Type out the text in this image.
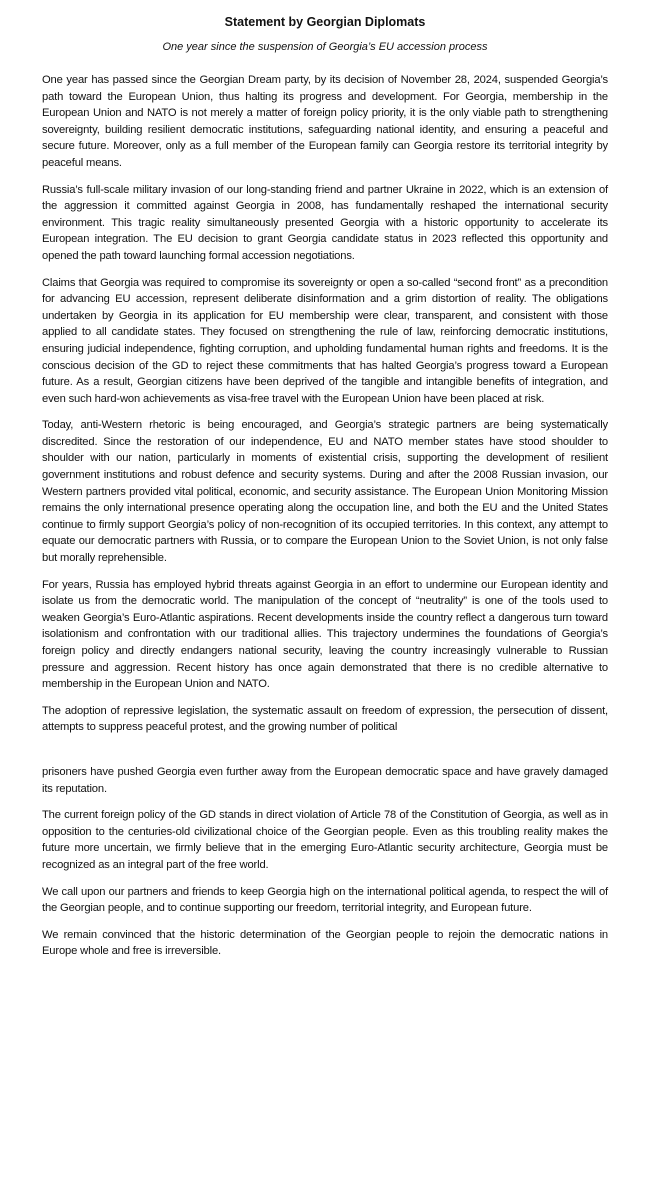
Statement by Georgian Diplomats

One year since the suspension of Georgia’s EU accession process

One year has passed since the Georgian Dream party, by its decision of November 28, 2024, suspended Georgia’s path toward the European Union, thus halting its progress and development. For Georgia, membership in the European Union and NATO is not merely a matter of foreign policy priority, it is the only viable path to strengthening sovereignty, building resilient democratic institutions, safeguarding national identity, and ensuring a peaceful and secure future. Moreover, only as a full member of the European family can Georgia restore its territorial integrity by peaceful means.

Russia’s full-scale military invasion of our long-standing friend and partner Ukraine in 2022, which is an extension of the aggression it committed against Georgia in 2008, has fundamentally reshaped the international security environment. This tragic reality simultaneously presented Georgia with a historic opportunity to accelerate its European integration. The EU decision to grant Georgia candidate status in 2023 reflected this opportunity and opened the path toward launching formal accession negotiations.

Claims that Georgia was required to compromise its sovereignty or open a so-called “second front” as a precondition for advancing EU accession, represent deliberate disinformation and a grim distortion of reality. The obligations undertaken by Georgia in its application for EU membership were clear, transparent, and consistent with those applied to all candidate states. They focused on strengthening the rule of law, reinforcing democratic institutions, ensuring judicial independence, fighting corruption, and upholding fundamental human rights and freedoms. It is the conscious decision of the GD to reject these commitments that has halted Georgia’s progress toward a European future. As a result, Georgian citizens have been deprived of the tangible and intangible benefits of integration, and even such hard-won achievements as visa-free travel with the European Union have been placed at risk.

Today, anti-Western rhetoric is being encouraged, and Georgia’s strategic partners are being systematically discredited. Since the restoration of our independence, EU and NATO member states have stood shoulder to shoulder with our nation, particularly in moments of existential crisis, supporting the development of resilient government institutions and robust defence and security systems. During and after the 2008 Russian invasion, our Western partners provided vital political, economic, and security assistance. The European Union Monitoring Mission remains the only international presence operating along the occupation line, and both the EU and the United States continue to firmly support Georgia’s policy of non-recognition of its occupied territories. In this context, any attempt to equate our democratic partners with Russia, or to compare the European Union to the Soviet Union, is not only false but morally reprehensible.

For years, Russia has employed hybrid threats against Georgia in an effort to undermine our European identity and isolate us from the democratic world. The manipulation of the concept of “neutrality” is one of the tools used to weaken Georgia’s Euro-Atlantic aspirations. Recent developments inside the country reflect a dangerous turn toward isolationism and confrontation with our traditional allies. This trajectory undermines the foundations of Georgia’s foreign policy and directly endangers national security, leaving the country increasingly vulnerable to Russian pressure and aggression. Recent history has once again demonstrated that there is no credible alternative to membership in the European Union and NATO.

The adoption of repressive legislation, the systematic assault on freedom of expression, the persecution of dissent, attempts to suppress peaceful protest, and the growing number of political

prisoners have pushed Georgia even further away from the European democratic space and have gravely damaged its reputation.

The current foreign policy of the GD stands in direct violation of Article 78 of the Constitution of Georgia, as well as in opposition to the centuries-old civilizational choice of the Georgian people. Even as this troubling reality makes the future more uncertain, we firmly believe that in the emerging Euro-Atlantic security architecture, Georgia must be recognized as an integral part of the free world.

We call upon our partners and friends to keep Georgia high on the international political agenda, to respect the will of the Georgian people, and to continue supporting our freedom, territorial integrity, and European future.

We remain convinced that the historic determination of the Georgian people to rejoin the democratic nations in Europe whole and free is irreversible.
